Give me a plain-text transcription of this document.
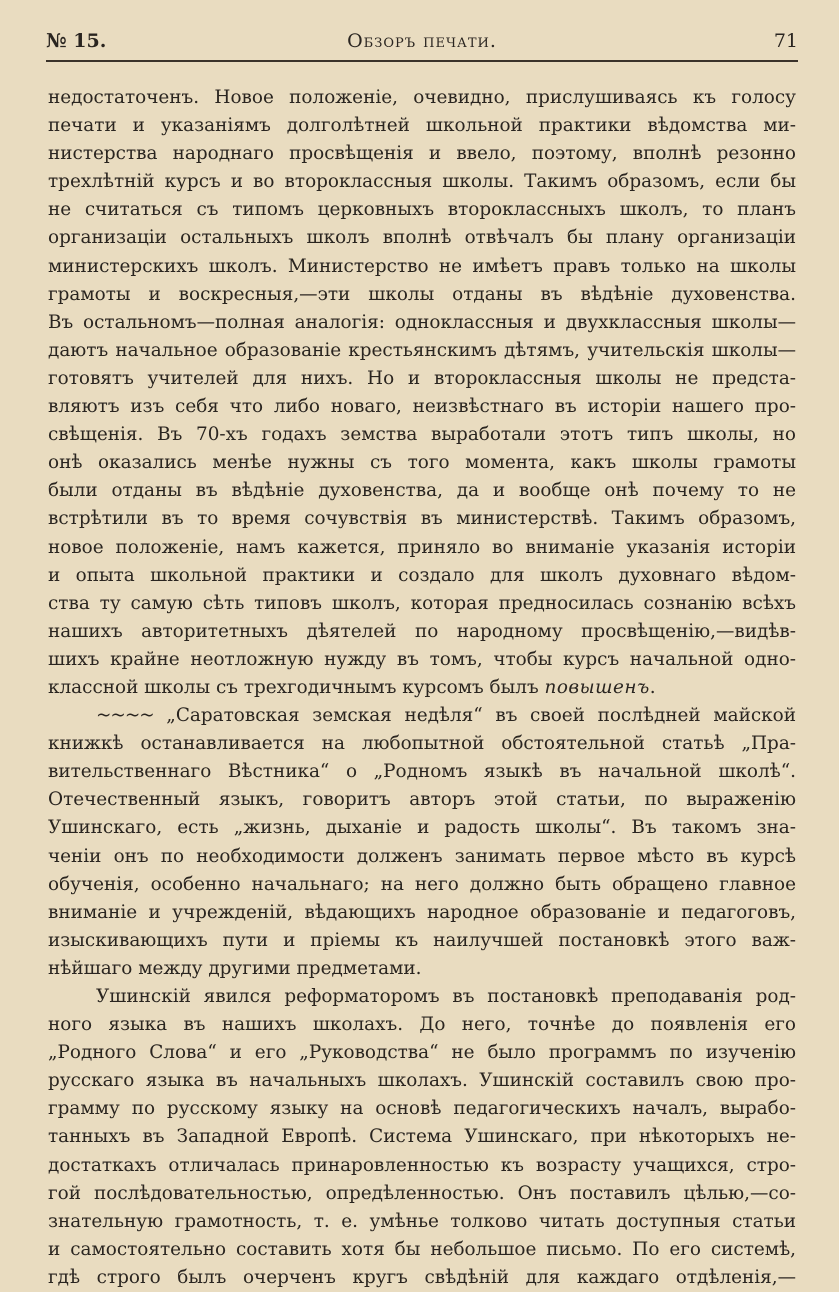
№ 15.	Обзоръ печати.	71
недостаточенъ. Новое положеніе, очевидно, прислушиваясь къ голосу
печати и указаніямъ долголѣтней школьной практики вѣдомства ми-
нистерства народнаго просвѣщенія и ввело, поэтому, вполнѣ резонно
трехлѣтній курсъ и во второклассныя школы. Такимъ образомъ, если бы
не считаться съ типомъ церковныхъ второклассныхъ школъ, то планъ
организаціи остальныхъ школъ вполнѣ отвѣчалъ бы плану организаціи
министерскихъ школъ. Министерство не имѣетъ правъ только на школы
грамоты и воскресныя,—эти школы отданы въ вѣдѣніе духовенства.
Въ остальномъ—полная аналогія: одноклассныя и двухклассныя школы—
даютъ начальное образованіе крестьянскимъ дѣтямъ, учительскія школы—
готовятъ учителей для нихъ. Но и второклассныя школы не предста-
вляютъ изъ себя что либо новаго, неизвѣстнаго въ исторіи нашего про-
свѣщенія. Въ 70-хъ годахъ земства выработали этотъ типъ школы, но
онѣ оказались менѣе нужны съ того момента, какъ школы грамоты
были отданы въ вѣдѣніе духовенства, да и вообще онѣ почему то не
встрѣтили въ то время сочувствія въ министерствѣ. Такимъ образомъ,
новое положеніе, намъ кажется, приняло во вниманіе указанія исторіи
и опыта школьной практики и создало для школъ духовнаго вѣдом-
ства ту самую сѣть типовъ школъ, которая предносилась сознанію всѣхъ
нашихъ авторитетныхъ дѣятелей по народному просвѣщенію,—видѣв-
шихъ крайне неотложную нужду въ томъ, чтобы курсъ начальной одно-
классной школы съ трехгодичнымъ курсомъ былъ повышенъ.
~~~~ „Саратовская земская недѣля“ въ своей послѣдней майской
книжкѣ останавливается на любопытной обстоятельной статьѣ „Пра-
вительственнаго Вѣстника“ о „Родномъ языкѣ въ начальной школѣ“.
Отечественный языкъ, говоритъ авторъ этой статьи, по выраженію
Ушинскаго, есть „жизнь, дыханіе и радость школы“. Въ такомъ зна-
ченіи онъ по необходимости долженъ занимать первое мѣсто въ курсѣ
обученія, особенно начальнаго; на него должно быть обращено главное
вниманіе и учрежденій, вѣдающихъ народное образованіе и педагоговъ,
изыскивающихъ пути и пріемы къ наилучшей постановкѣ этого важ-
нѣйшаго между другими предметами.
Ушинскій явился реформаторомъ въ постановкѣ преподаванія род-
ного языка въ нашихъ школахъ. До него, точнѣе до появленія его
„Родного Слова“ и его „Руководства“ не было программъ по изученію
русскаго языка въ начальныхъ школахъ. Ушинскій составилъ свою про-
грамму по русскому языку на основѣ педагогическихъ началъ, вырабо-
танныхъ въ Западной Европѣ. Система Ушинскаго, при нѣкоторыхъ не-
достаткахъ отличалась принаровленностью къ возрасту учащихся, стро-
гой послѣдовательностью, опредѣленностью. Онъ поставилъ цѣлью,—со-
знательную грамотность, т. е. умѣнье толково читать доступныя статьи
и самостоятельно составить хотя бы небольшое письмо. По его системѣ,
гдѣ строго былъ очерченъ кругъ свѣдѣній для каждаго отдѣленія,—
